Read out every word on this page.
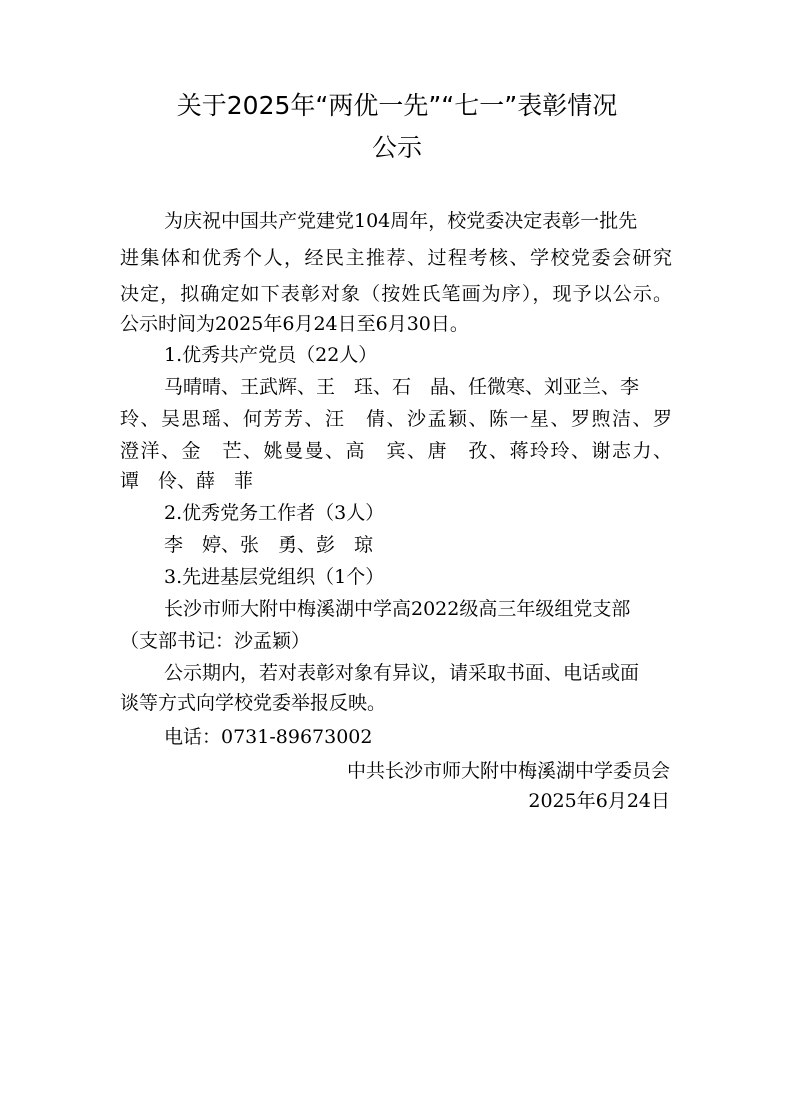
关于2025年“两优一先”“七一”表彰情况
公示
为庆祝中国共产党建党104周年，校党委决定表彰一批先
进集体和优秀个人，经民主推荐、过程考核、学校党委会研究
决定，拟确定如下表彰对象（按姓氏笔画为序），现予以公示。
公示时间为2025年6月24日至6月30日。
1.优秀共产党员（22人）
马晴晴、王武辉、王　珏、石　晶、任微寒、刘亚兰、李
玲、吴思瑶、何芳芳、汪　倩、沙孟颖、陈一星、罗煦洁、罗
澄洋、金　芒、姚曼曼、高　宾、唐　孜、蒋玲玲、谢志力、
谭　伶、薛　菲
2.优秀党务工作者（3人）
李　婷、张　勇、彭　琼
3.先进基层党组织（1个）
长沙市师大附中梅溪湖中学高2022级高三年级组党支部
（支部书记：沙孟颖）
公示期内，若对表彰对象有异议，请采取书面、电话或面
谈等方式向学校党委举报反映。
电话：0731-89673002
中共长沙市师大附中梅溪湖中学委员会
2025年6月24日
